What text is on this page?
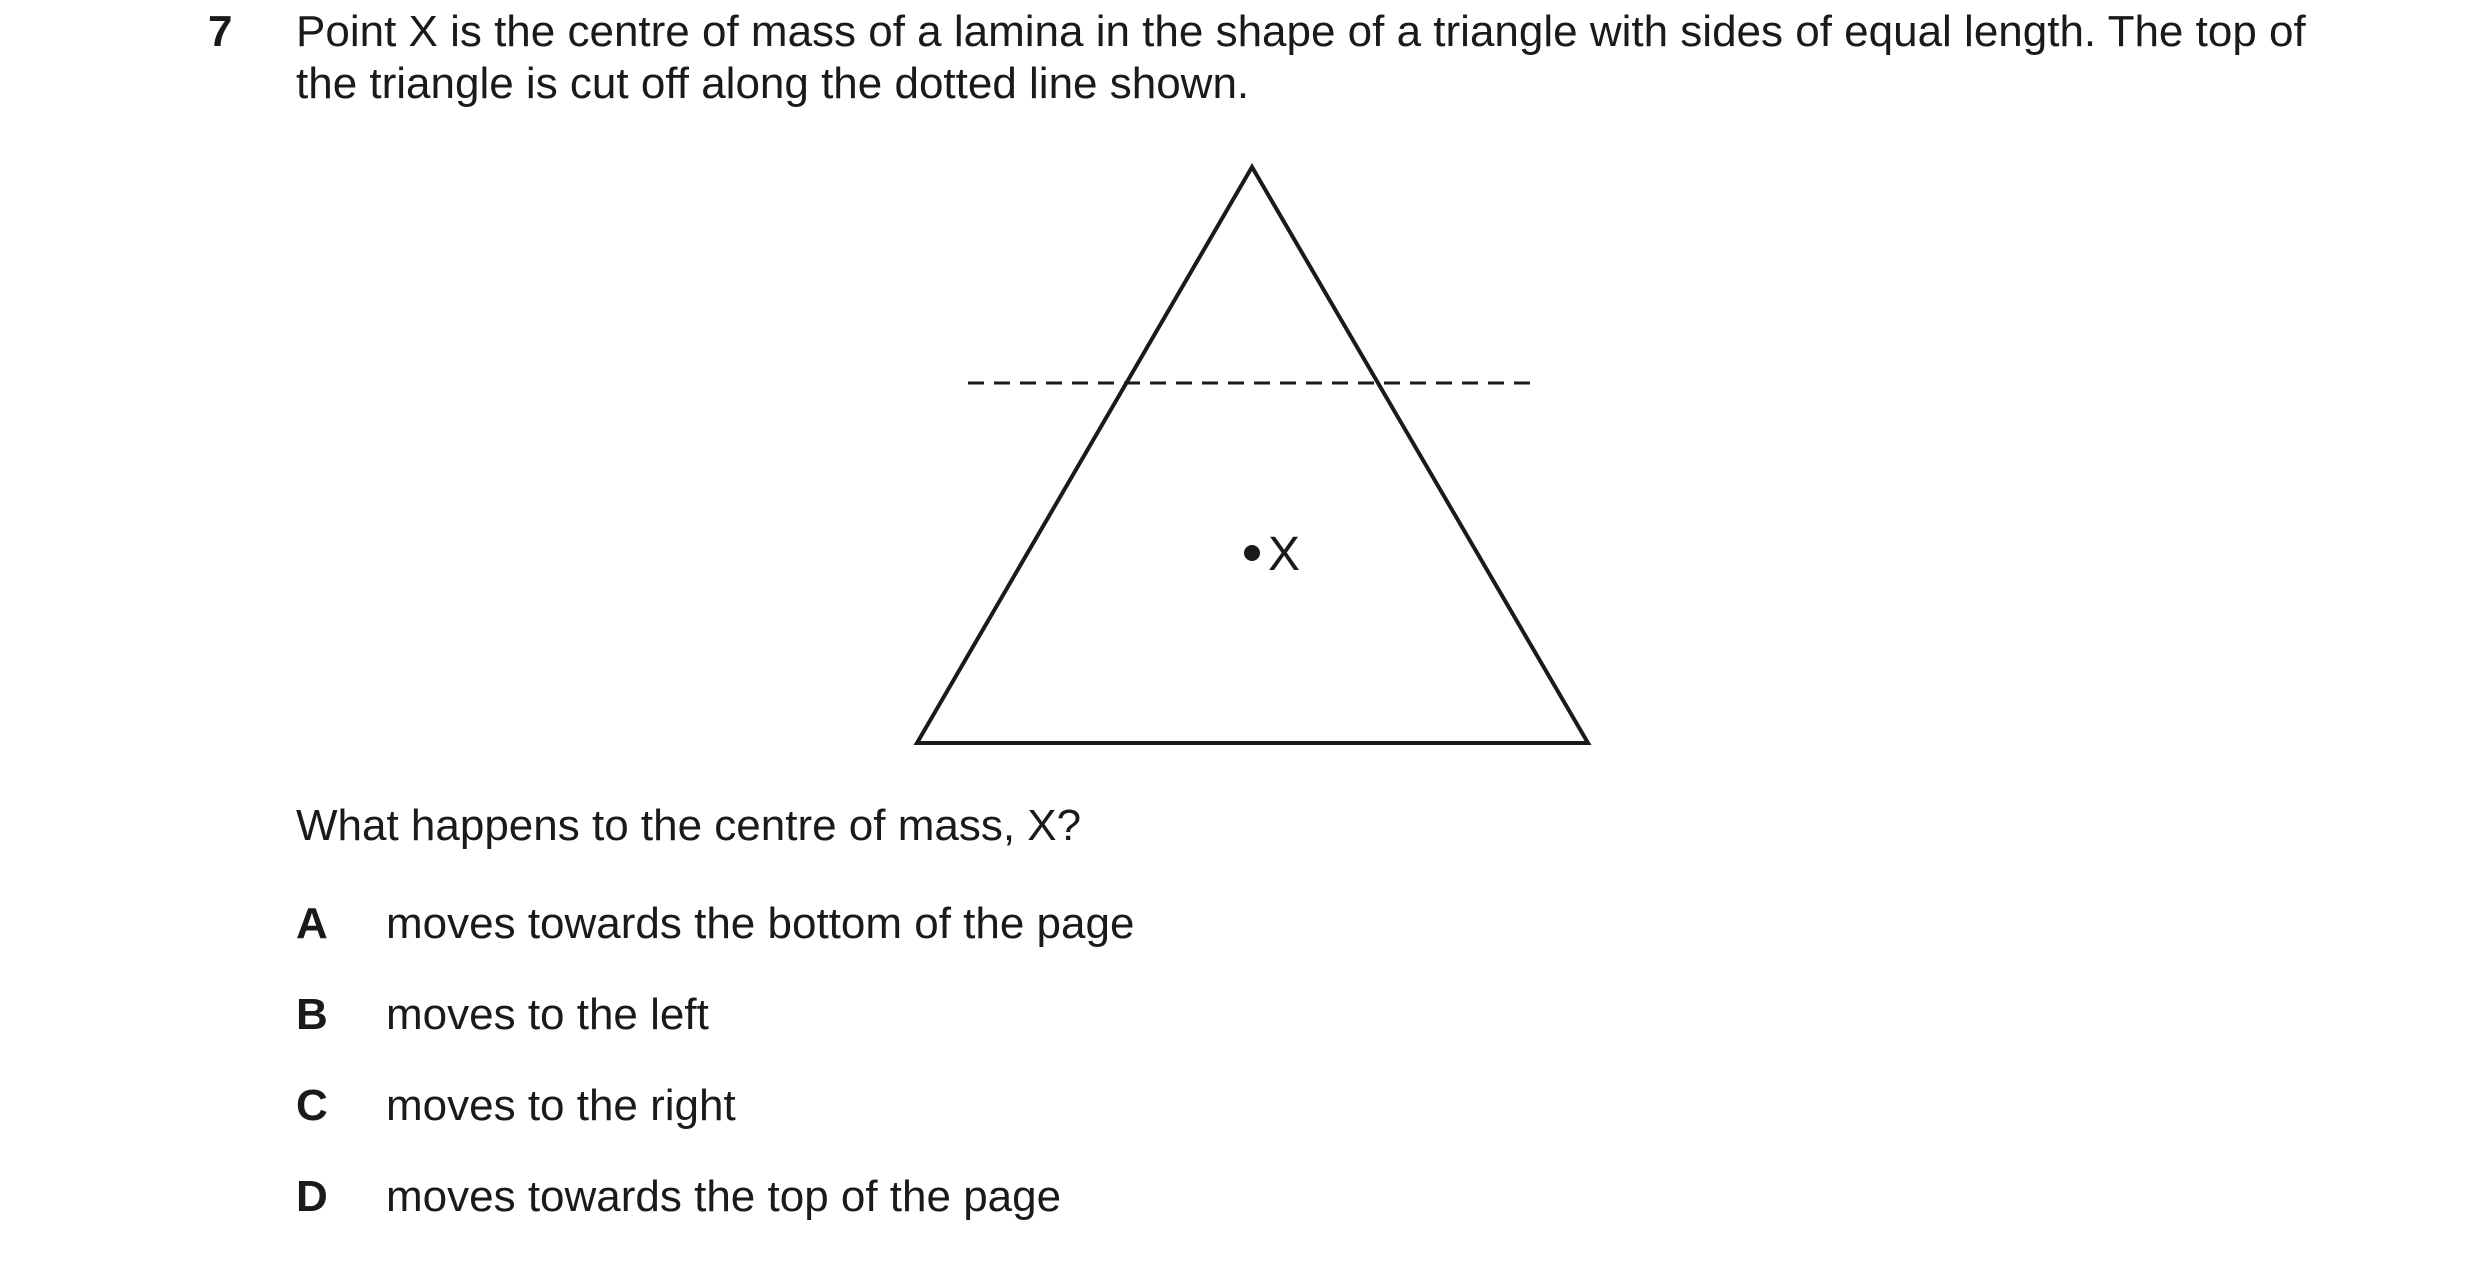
7 Point X is the centre of mass of a lamina in the shape of a triangle with sides of equal length. The top of the triangle is cut off along the dotted line shown.

X

What happens to the centre of mass, X?

A	moves towards the bottom of the page
B	moves to the left
C	moves to the right
D	moves towards the top of the page
